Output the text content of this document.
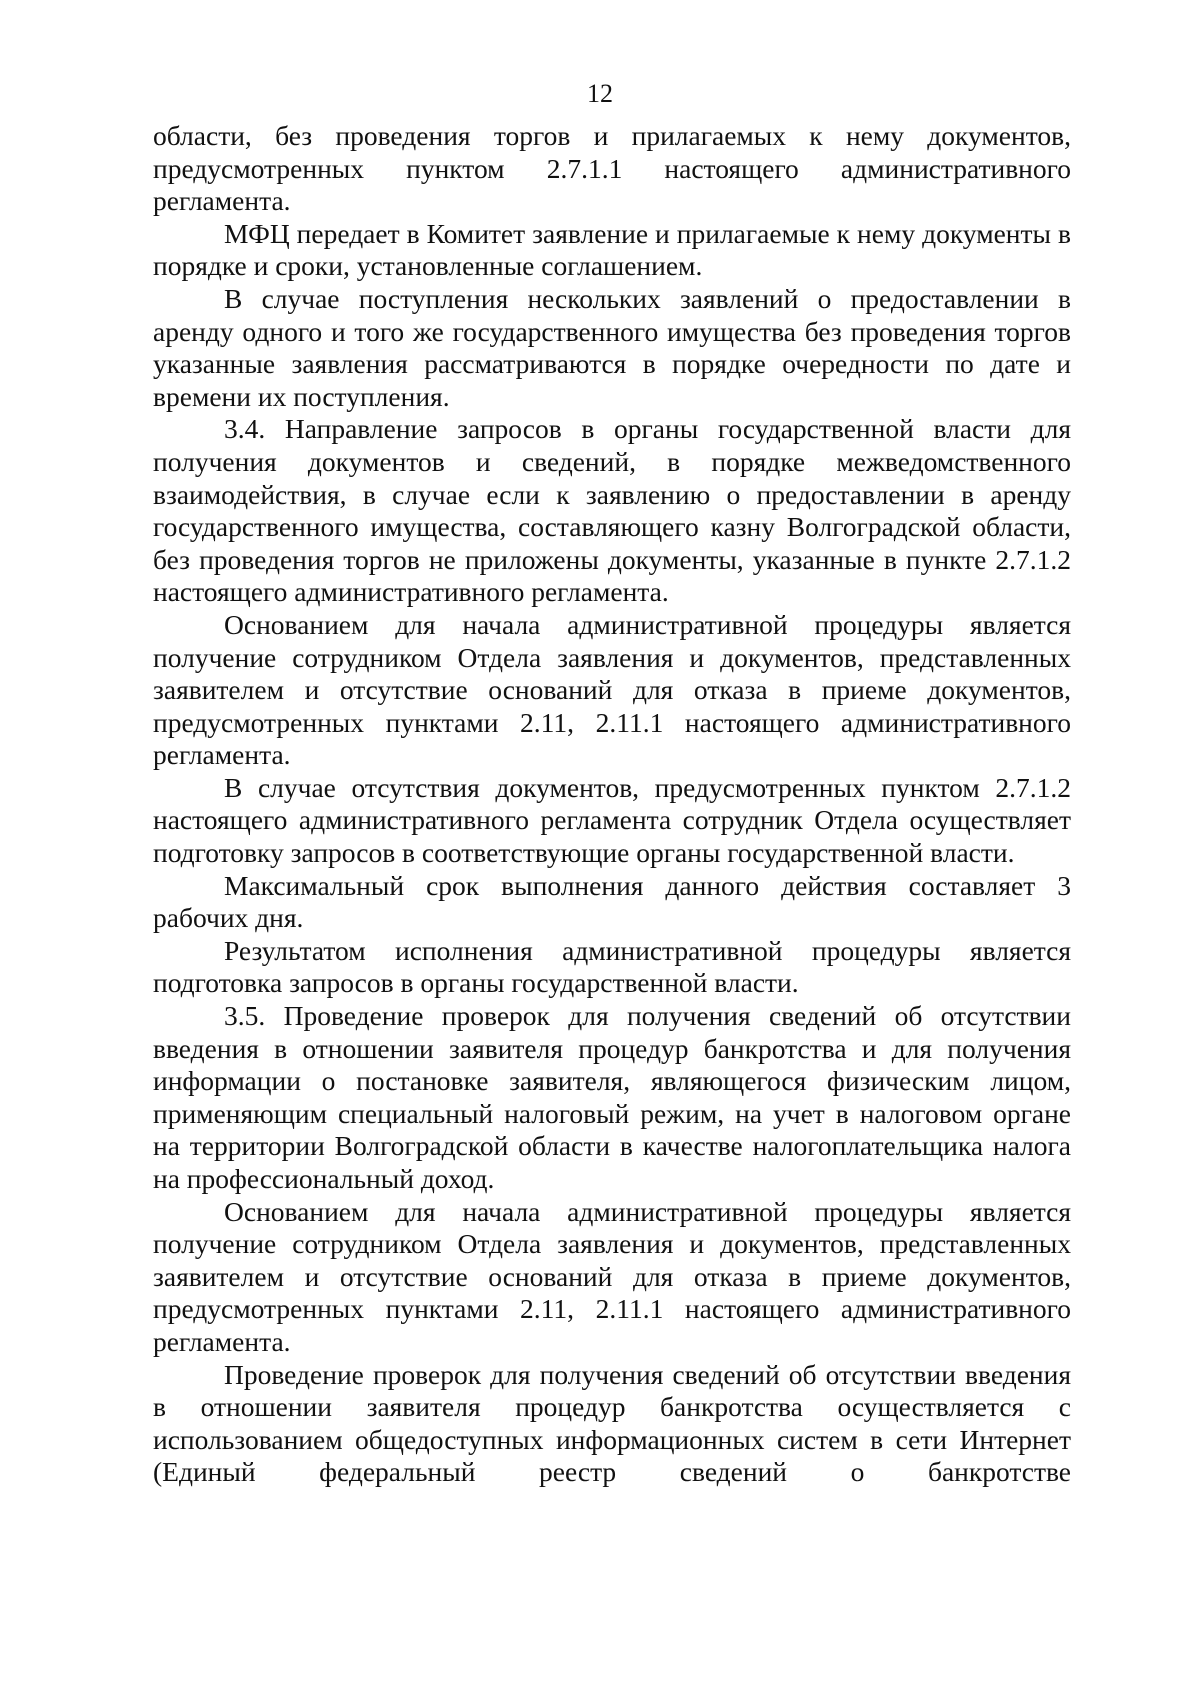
12

области, без проведения торгов и прилагаемых к нему документов, предусмотренных пунктом 2.7.1.1 настоящего административного регламента.

МФЦ передает в Комитет заявление и прилагаемые к нему документы в порядке и сроки, установленные соглашением.

В случае поступления нескольких заявлений о предоставлении в аренду одного и того же государственного имущества без проведения торгов указанные заявления рассматриваются в порядке очередности по дате и времени их поступления.

3.4. Направление запросов в органы государственной власти для получения документов и сведений, в порядке межведомственного взаимодействия, в случае если к заявлению о предоставлении в аренду государственного имущества, составляющего казну Волгоградской области, без проведения торгов не приложены документы, указанные в пункте 2.7.1.2 настоящего административного регламента.

Основанием для начала административной процедуры является получение сотрудником Отдела заявления и документов, представленных заявителем и отсутствие оснований для отказа в приеме документов, предусмотренных пунктами 2.11, 2.11.1 настоящего административного регламента.

В случае отсутствия документов, предусмотренных пунктом 2.7.1.2 настоящего административного регламента сотрудник Отдела осуществляет подготовку запросов в соответствующие органы государственной власти.

Максимальный срок выполнения данного действия составляет 3 рабочих дня.

Результатом исполнения административной процедуры является подготовка запросов в органы государственной власти.

3.5. Проведение проверок для получения сведений об отсутствии введения в отношении заявителя процедур банкротства и для получения информации о постановке заявителя, являющегося физическим лицом, применяющим специальный налоговый режим, на учет в налоговом органе на территории Волгоградской области в качестве налогоплательщика налога на профессиональный доход.

Основанием для начала административной процедуры является получение сотрудником Отдела заявления и документов, представленных заявителем и отсутствие оснований для отказа в приеме документов, предусмотренных пунктами 2.11, 2.11.1 настоящего административного регламента.

Проведение проверок для получения сведений об отсутствии введения в отношении заявителя процедур банкротства осуществляется с использованием общедоступных информационных систем в сети Интернет (Единый федеральный реестр сведений о банкротстве
